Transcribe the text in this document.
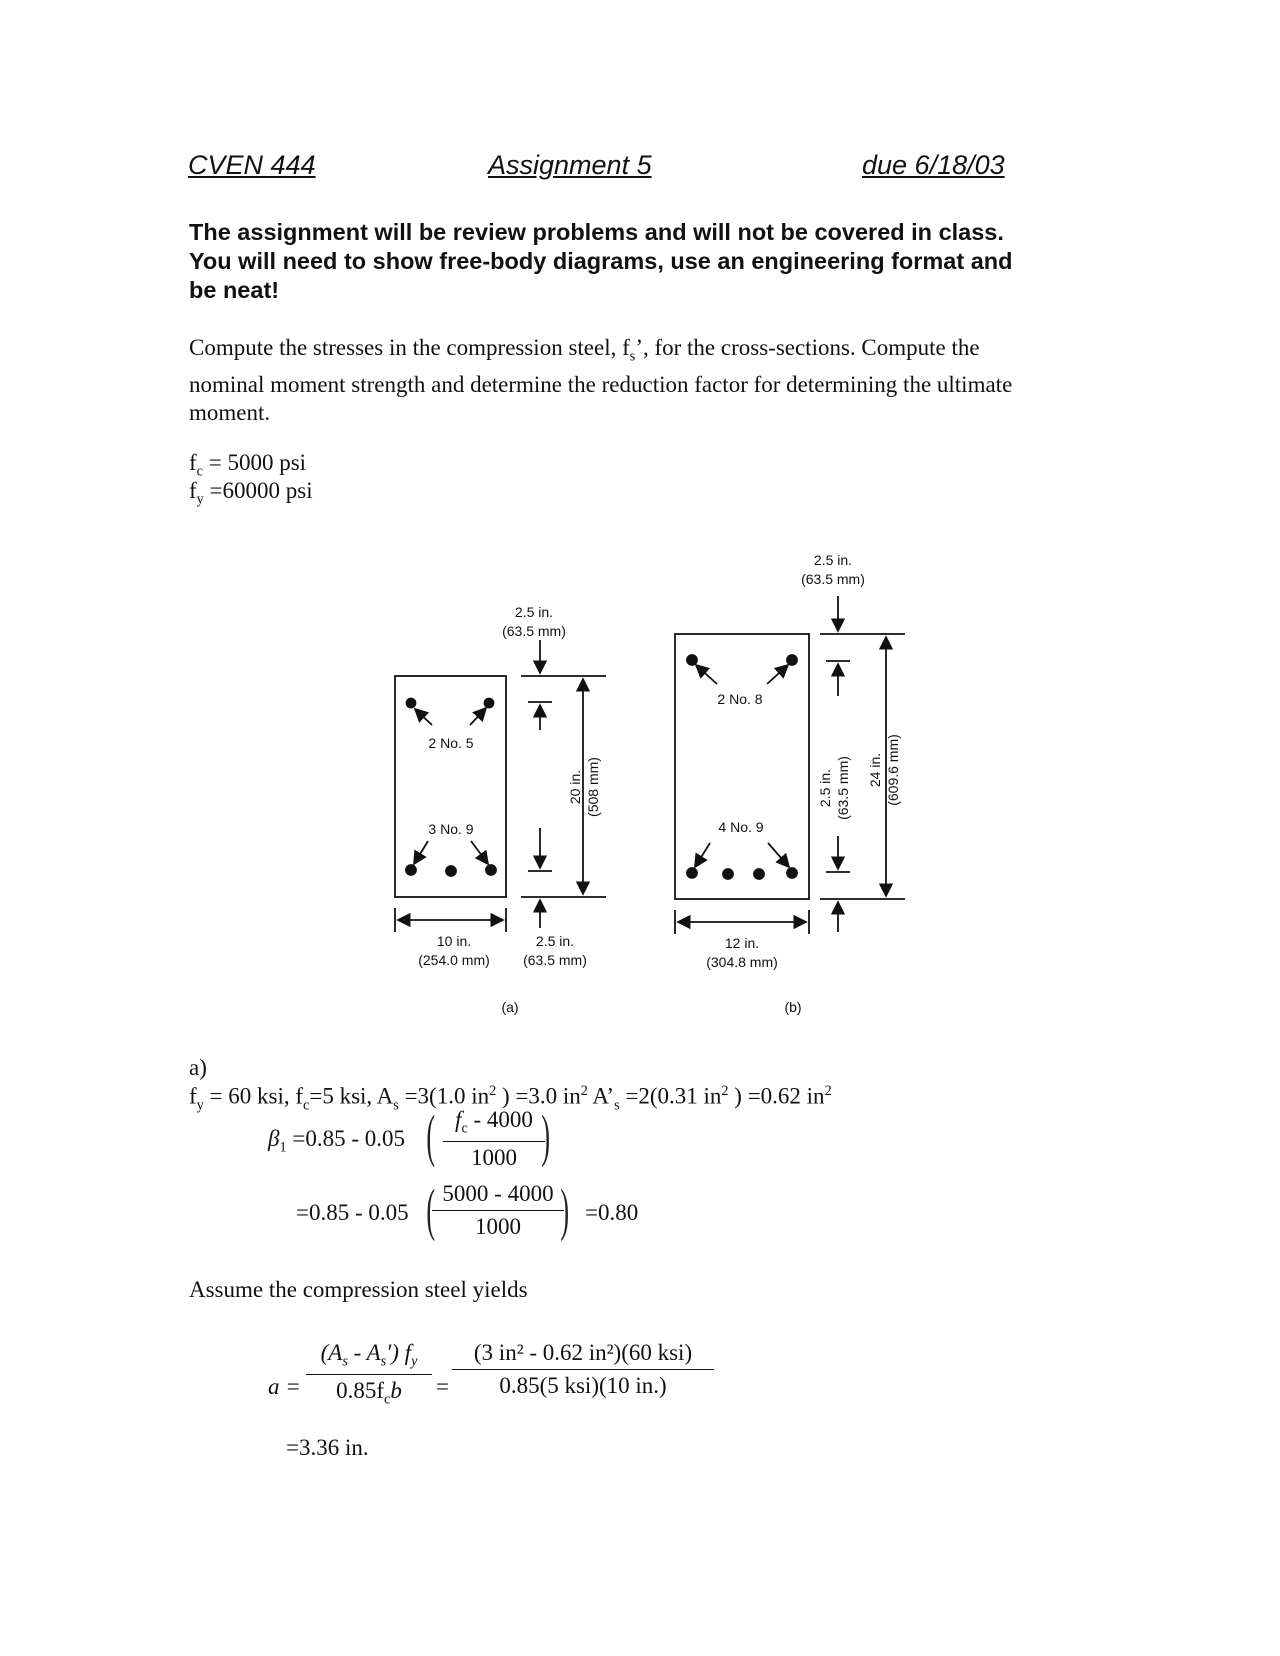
CVEN 444	Assignment 5	due 6/18/03
The assignment will be review problems and will not be covered in class.
You will need to show free-body diagrams, use an engineering format and
be neat!
Compute the stresses in the compression steel, $f_s$’, for the cross-sections. Compute the
nominal moment strength and determine the reduction factor for determining the ultimate
moment.
$f_c = 5000$ psi
$f_y =60000$ psi
2.5 in.
(63.5 mm)
2 No. 5
3 No. 9
20 in. (508 mm)
10 in.
(254.0 mm)
2.5 in.
(63.5 mm)
(a)
2.5 in.
(63.5 mm)
2 No. 8
4 No. 9
2.5 in. (63.5 mm) 24 in. (609.6 mm)
12 in.
(304.8 mm)
(b)
a)
$f_y = 60$ ksi, $f_c=5$ ksi, $A_s =3(1.0$ $in^2$ ) =3.0 $in^2$ $A’_s =2(0.31$ $in^2$ ) =0.62 $in^2$
$\beta_1 =0.85 - 0.05$ ( $f_c - 4000$
1000 )
=0.85 - 0.05 ( 5000 - 4000
1000 ) =0.80
Assume the compression steel yields
a =
$(A_s - A_s')$ $f_y$
$0.85f_cb$	=
(3 in² - 0.62 in²)(60 ksi)
0.85(5 ksi)(10 in.)
=3.36 in.
